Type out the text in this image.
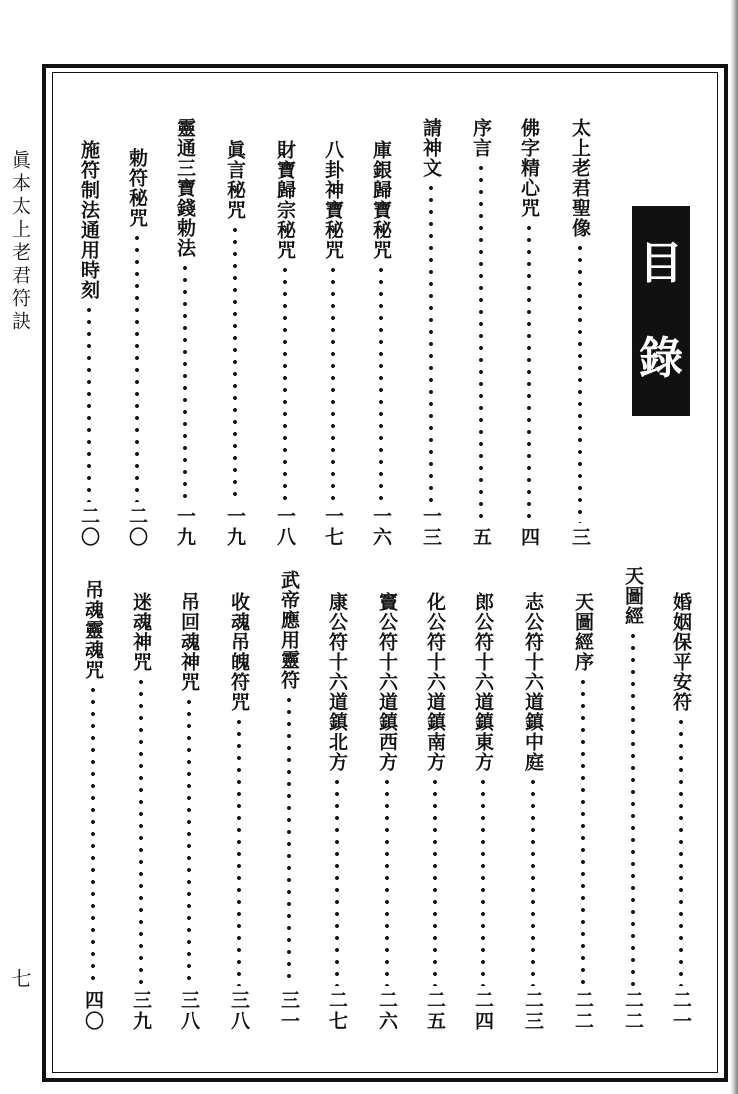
眞本太上老君符訣
七
目
錄
太上老君聖像
三
佛字精心咒
四
序言
五
請神文
一三
庫銀歸寶秘咒
一六
八卦神寶秘咒
一七
財寶歸宗秘咒
一八
眞言秘咒
一九
靈通三寶錢勅法
一九
勅符秘咒
二〇
施符制法通用時刻
二〇
婚姻保平安符
二一
天圖經
二二
天圖經序
二二
志公符十六道鎮中庭
二三
郎公符十六道鎮東方
二四
化公符十六道鎮南方
二五
竇公符十六道鎮西方
二六
康公符十六道鎮北方
二七
武帝應用靈符
三一
收魂吊魄符咒
三八
吊回魂神咒
三八
迷魂神咒
三九
吊魂靈魂咒
四〇
